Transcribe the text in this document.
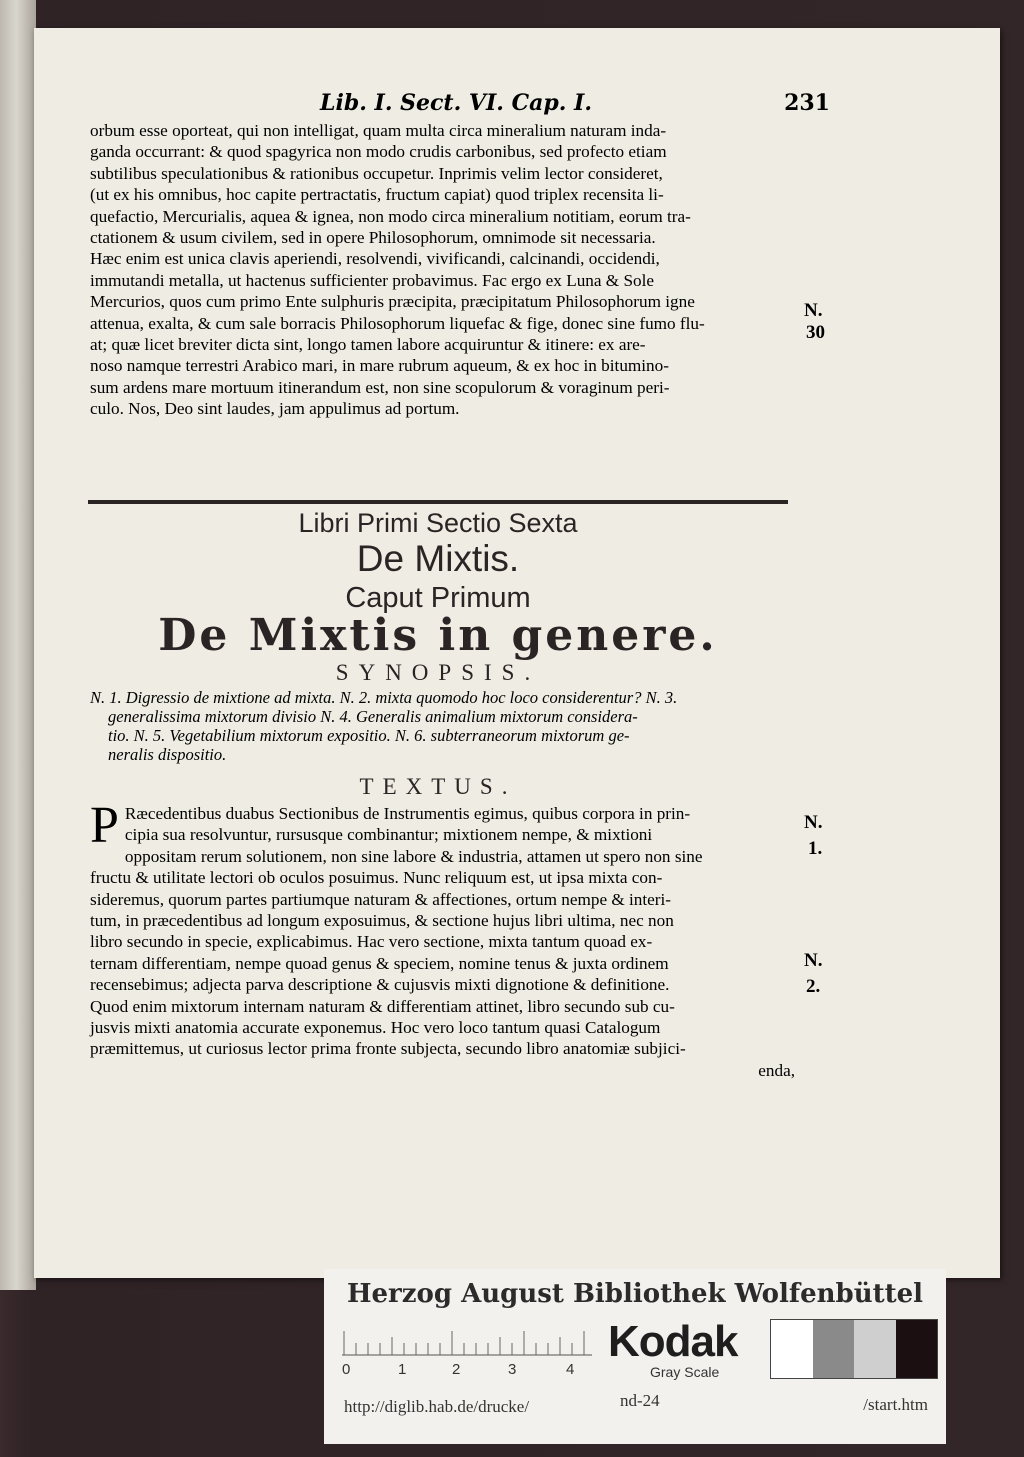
Lib. I. Sect. VI. Cap. I.	231

orbum esse oporteat, qui non intelligat, quam multa circa mineralium naturam inda-

ganda occurrant: & quod spagyrica non modo crudis carbonibus, sed profecto etiam

subtilibus speculationibus & rationibus occupetur. Inprimis velim lector consideret,

(ut ex his omnibus, hoc capite pertractatis, fructum capiat) quod triplex recensita li-

quefactio, Mercurialis, aquea & ignea, non modo circa mineralium notitiam, eorum tra-

ctationem & usum civilem, sed in opere Philosophorum, omnimode sit necessaria.

Hæc enim est unica clavis aperiendi, resolvendi, vivificandi, calcinandi, occidendi,

immutandi metalla, ut hactenus sufficienter probavimus. Fac ergo ex Luna & Sole

Mercurios, quos cum primo Ente sulphuris præcipita, præcipitatum Philosophorum igne

attenua, exalta, & cum sale borracis Philosophorum liquefac & fige, donec sine fumo flu-

at; quæ licet breviter dicta sint, longo tamen labore acquiruntur & itinere: ex are-

noso namque terrestri Arabico mari, in mare rubrum aqueum, & ex hoc in bitumino-

sum ardens mare mortuum itinerandum est, non sine scopulorum & voraginum peri-

culo. Nos, Deo sint laudes, jam appulimus ad portum.

N.
30
Libri Primi Sectio Sexta
De Mixtis.
Caput Primum
De Mixtis in genere.
SYNOPSIS.
N. 1. Digressio de mixtione ad mixta. N. 2. mixta quomodo hoc loco considerentur? N. 3.
generalissima mixtorum divisio N. 4. Generalis animalium mixtorum considera-
tio. N. 5. Vegetabilium mixtorum expositio. N. 6. subterraneorum mixtorum ge-
neralis dispositio.
TEXTUS.
P Ræcedentibus duabus Sectionibus de Instrumentis egimus, quibus corpora in prin-

cipia sua resolvuntur, rursusque combinantur; mixtionem nempe, & mixtioni

oppositam rerum solutionem, non sine labore & industria, attamen ut spero non sine

fructu & utilitate lectori ob oculos posuimus. Nunc reliquum est, ut ipsa mixta con-

sideremus, quorum partes partiumque naturam & affectiones, ortum nempe & interi-

tum, in præcedentibus ad longum exposuimus, & sectione hujus libri ultima, nec non

libro secundo in specie, explicabimus. Hac vero sectione, mixta tantum quoad ex-

ternam differentiam, nempe quoad genus & speciem, nomine tenus & juxta ordinem

recensebimus; adjecta parva descriptione & cujusvis mixti dignotione & definitione.

Quod enim mixtorum internam naturam & differentiam attinet, libro secundo sub cu-

jusvis mixti anatomia accurate exponemus. Hoc vero loco tantum quasi Catalogum

præmittemus, ut curiosus lector prima fronte subjecta, secundo libro anatomiæ subjici-

enda,

N.
1.
N.
2.
Herzog August Bibliothek Wolfenbüttel
0	1	2	3	4
Kodak
Gray Scale
http://diglib.hab.de/drucke/	nd-24	/start.htm
